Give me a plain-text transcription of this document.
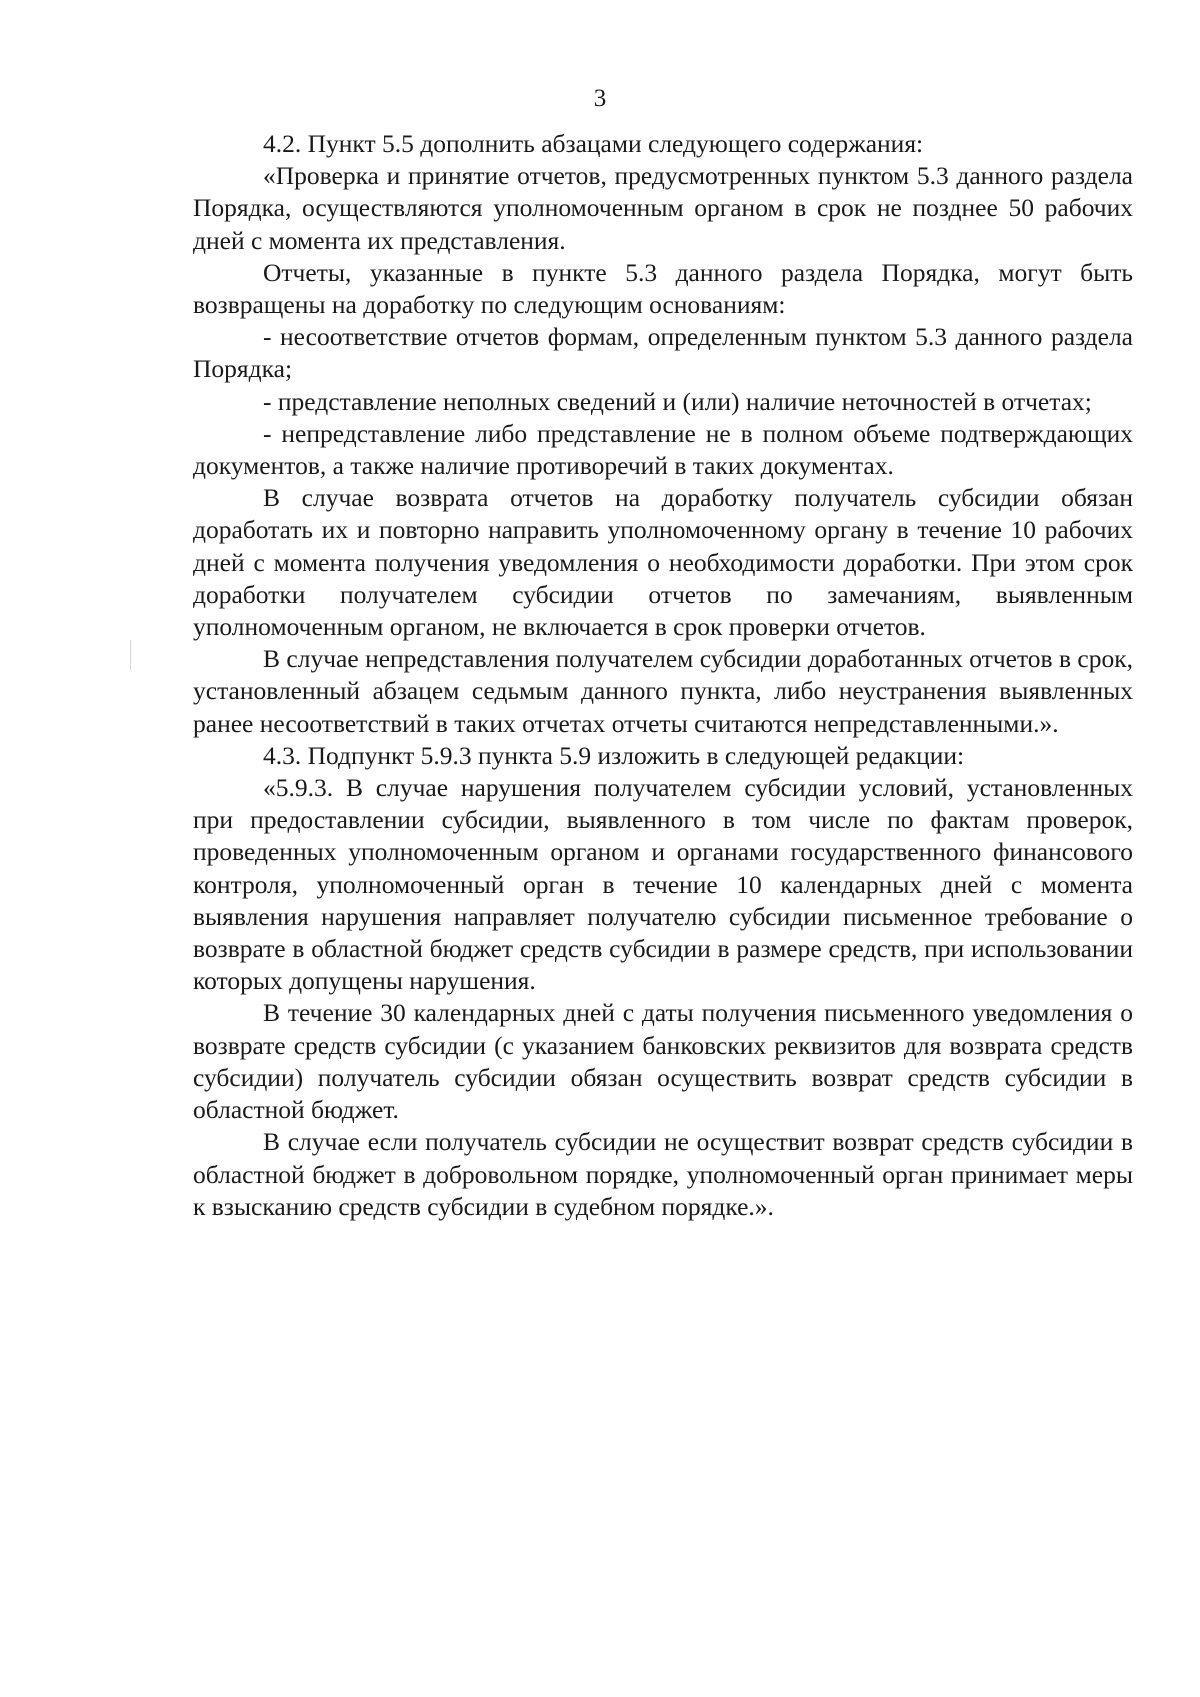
3

4.2. Пункт 5.5 дополнить абзацами следующего содержания:

«Проверка и принятие отчетов, предусмотренных пунктом 5.3 данного раздела Порядка, осуществляются уполномоченным органом в срок не позднее 50 рабочих дней с момента их представления.

Отчеты, указанные в пункте 5.3 данного раздела Порядка, могут быть возвращены на доработку по следующим основаниям:

- несоответствие отчетов формам, определенным пунктом 5.3 данного раздела Порядка;

- представление неполных сведений и (или) наличие неточностей в отчетах;

- непредставление либо представление не в полном объеме подтверждающих документов, а также наличие противоречий в таких документах.

В случае возврата отчетов на доработку получатель субсидии обязан доработать их и повторно направить уполномоченному органу в течение 10 рабочих дней с момента получения уведомления о необходимости доработки. При этом срок доработки получателем субсидии отчетов по замечаниям, выявленным уполномоченным органом, не включается в срок проверки отчетов.

В случае непредставления получателем субсидии доработанных отчетов в срок, установленный абзацем седьмым данного пункта, либо неустранения выявленных ранее несоответствий в таких отчетах отчеты считаются непредставленными.».

4.3. Подпункт 5.9.3 пункта 5.9 изложить в следующей редакции:

«5.9.3. В случае нарушения получателем субсидии условий, установленных при предоставлении субсидии, выявленного в том числе по фактам проверок, проведенных уполномоченным органом и органами государственного финансового контроля, уполномоченный орган в течение 10 календарных дней с момента выявления нарушения направляет получателю субсидии письменное требование о возврате в областной бюджет средств субсидии в размере средств, при использовании которых допущены нарушения.

В течение 30 календарных дней с даты получения письменного уведомления о возврате средств субсидии (с указанием банковских реквизитов для возврата средств субсидии) получатель субсидии обязан осуществить возврат средств субсидии в областной бюджет.

В случае если получатель субсидии не осуществит возврат средств субсидии в областной бюджет в добровольном порядке, уполномоченный орган принимает меры к взысканию средств субсидии в судебном порядке.».
